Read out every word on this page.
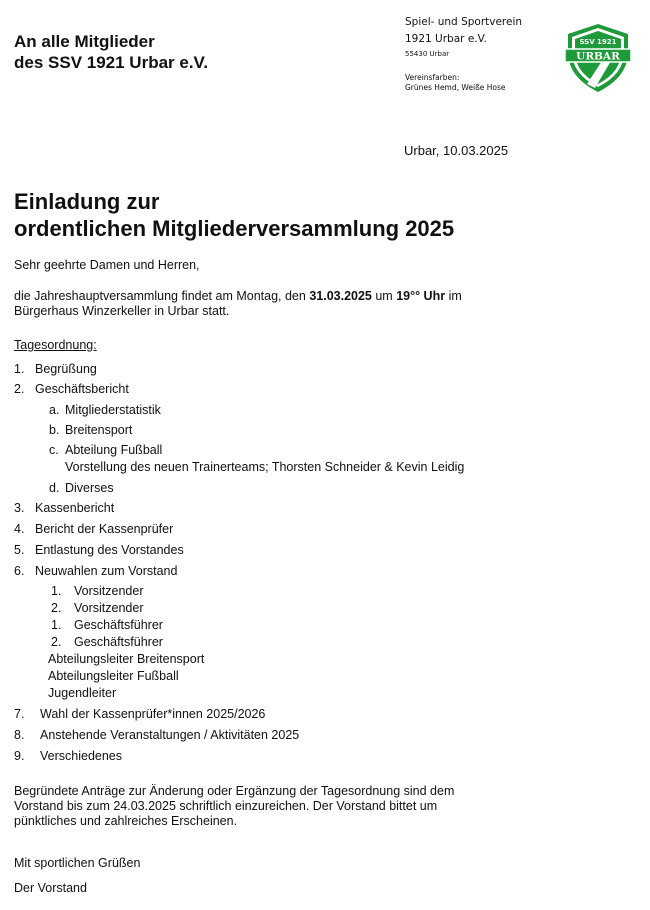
An alle Mitglieder
des SSV 1921 Urbar e.V.
Spiel- und Sportverein
1921 Urbar e.V.
55430 Urbar
Vereinsfarben:
Grünes Hemd, Weiße Hose
SSV 1921
URBAR
Urbar, 10.03.2025
Einladung zur
ordentlichen Mitgliederversammlung 2025
Sehr geehrte Damen und Herren,
die Jahreshauptversammlung findet am Montag, den 31.03.2025 um 19°° Uhr im
Bürgerhaus Winzerkeller in Urbar statt.
Tagesordnung:
1. Begrüßung
2. Geschäftsbericht
a. Mitgliederstatistik
b. Breitensport
c. Abteilung Fußball
Vorstellung des neuen Trainerteams; Thorsten Schneider & Kevin Leidig
d. Diverses
3. Kassenbericht
4. Bericht der Kassenprüfer
5. Entlastung des Vorstandes
6. Neuwahlen zum Vorstand
1. Vorsitzender
2. Vorsitzender
1. Geschäftsführer
2. Geschäftsführer
Abteilungsleiter Breitensport
Abteilungsleiter Fußball
Jugendleiter
7. Wahl der Kassenprüfer*innen 2025/2026
8. Anstehende Veranstaltungen / Aktivitäten 2025
9. Verschiedenes
Begründete Anträge zur Änderung oder Ergänzung der Tagesordnung sind dem
Vorstand bis zum 24.03.2025 schriftlich einzureichen. Der Vorstand bittet um
pünktliches und zahlreiches Erscheinen.
Mit sportlichen Grüßen
Der Vorstand
